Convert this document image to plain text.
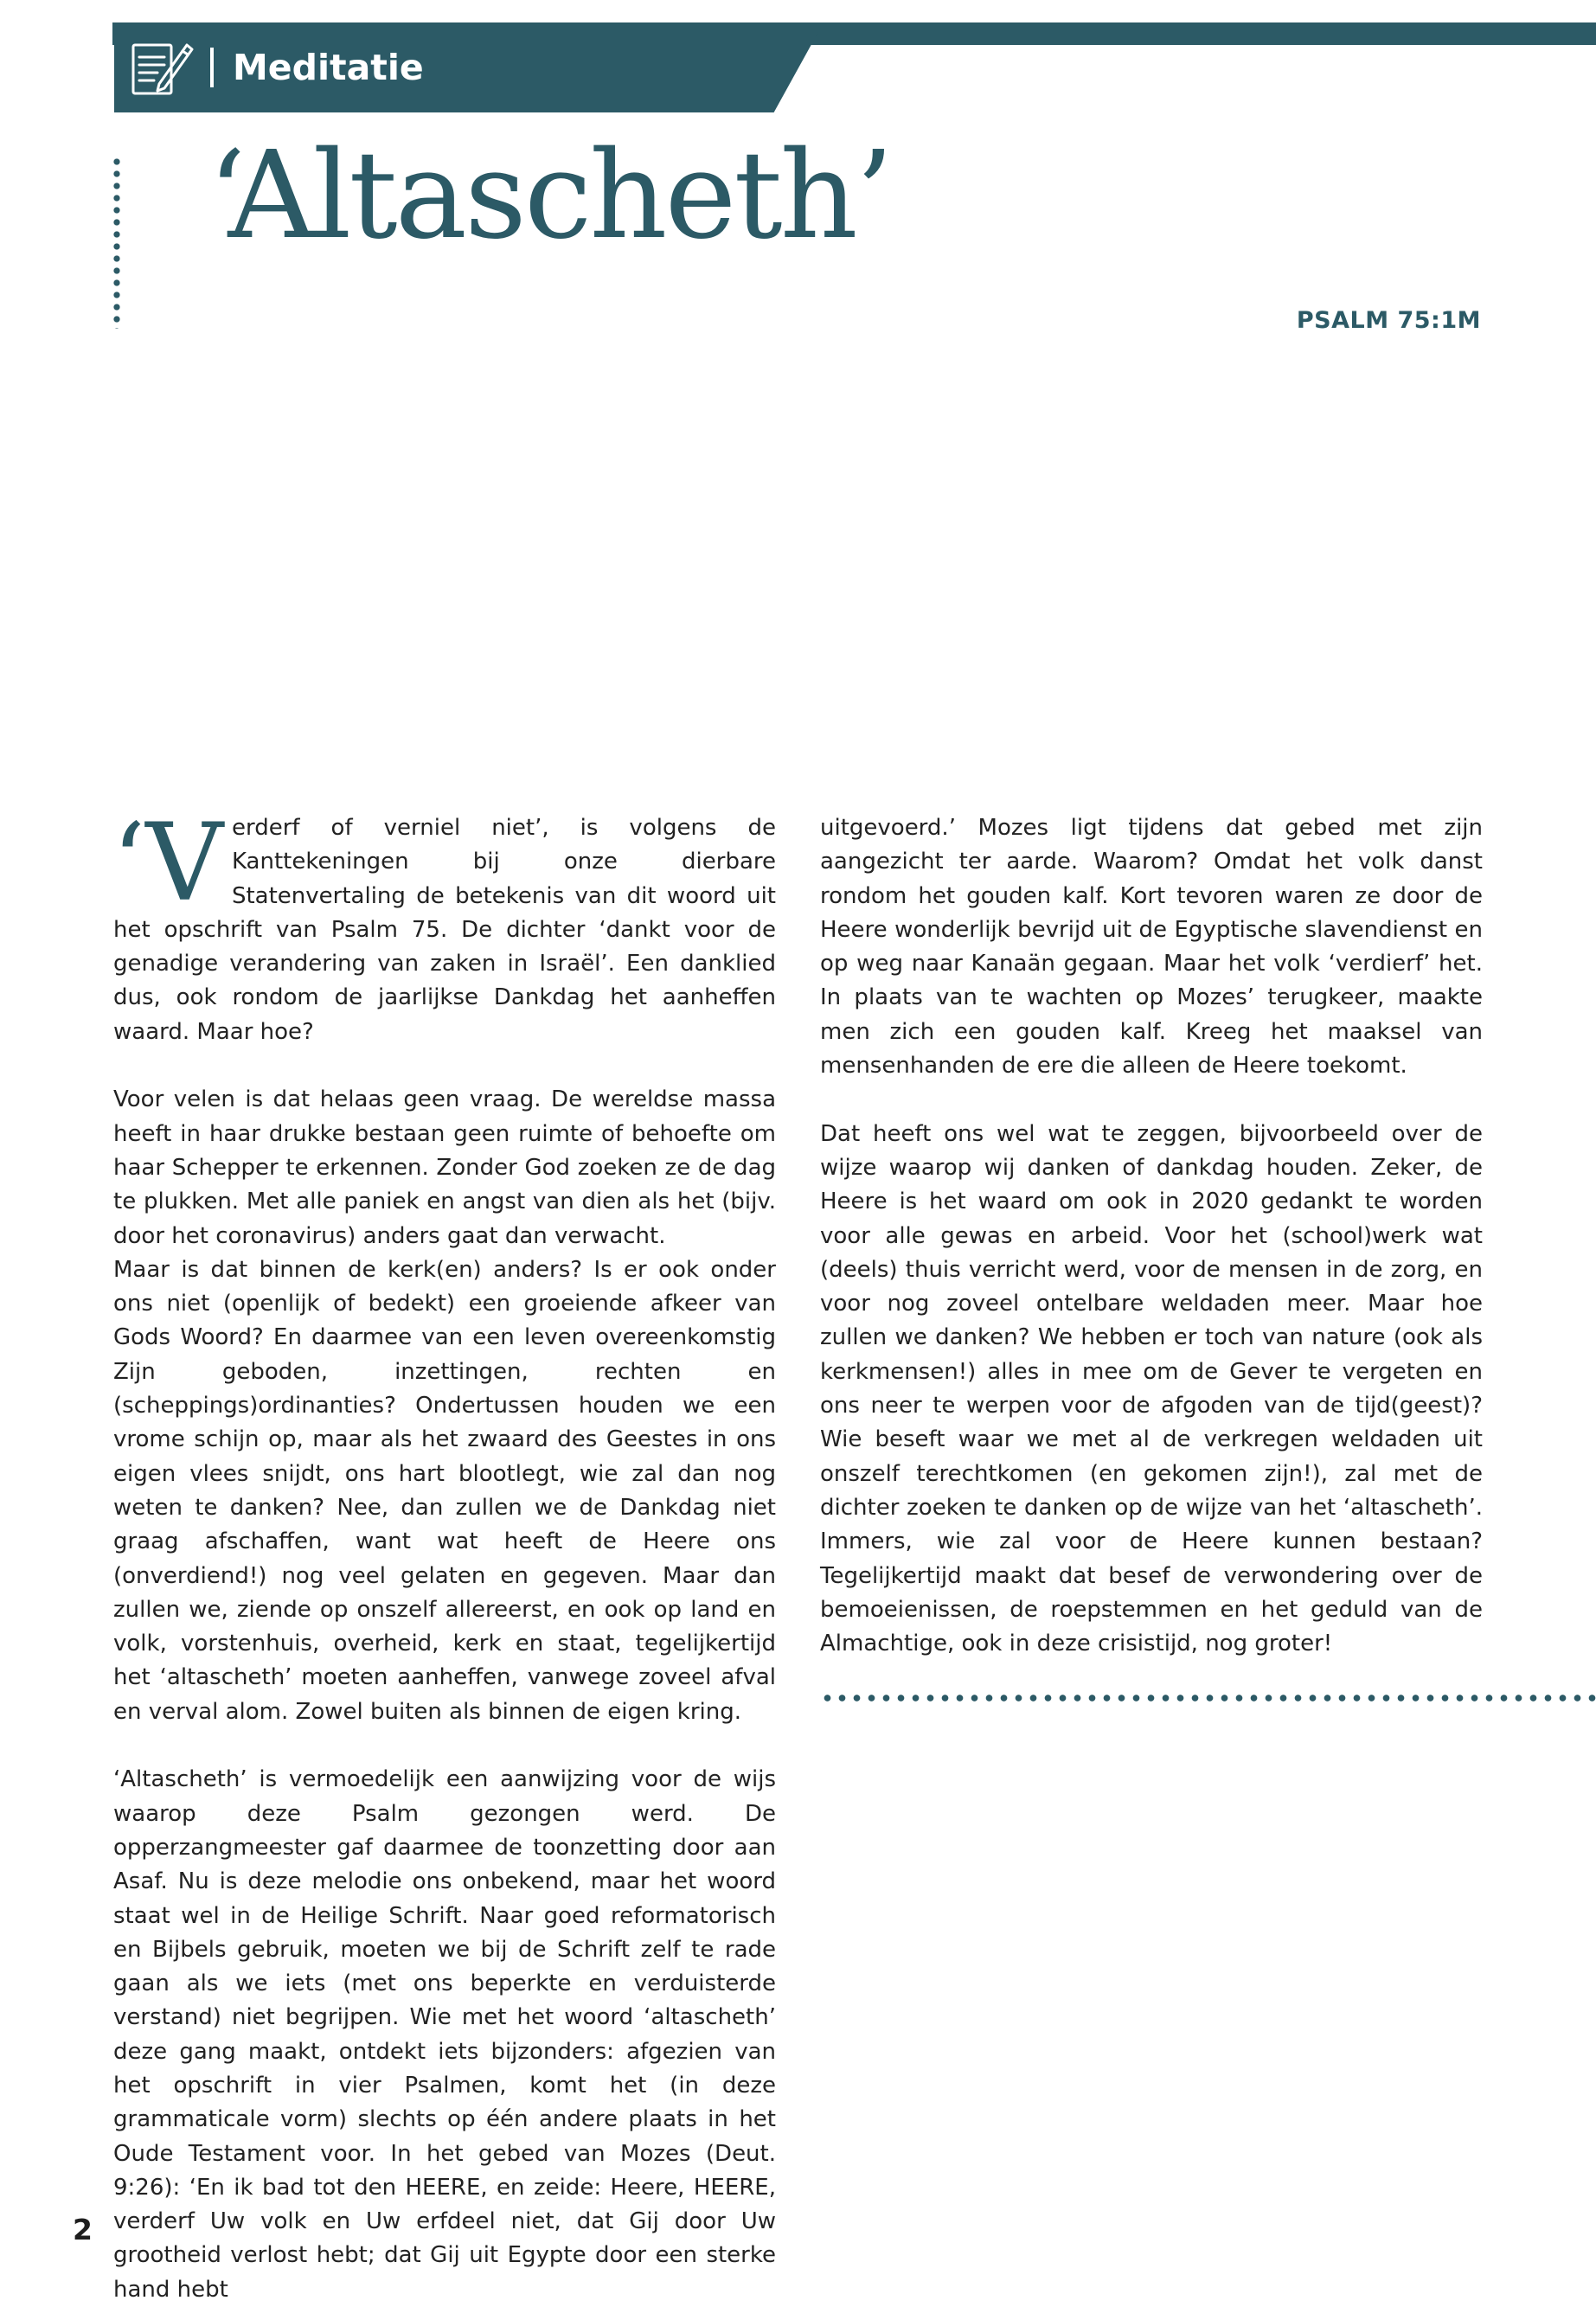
Meditatie
‘Altascheth’
PSALM 75:1M

‘Verderf of verniel niet’, is volgens de Kanttekeningen bij onze dierbare Statenvertaling de betekenis van dit woord uit het opschrift van Psalm 75. De dichter ‘dankt voor de genadige verandering van zaken in Israël’. Een danklied dus, ook rondom de jaarlijkse Dankdag het aanheffen waard. Maar hoe?

Voor velen is dat helaas geen vraag. De wereldse massa heeft in haar drukke bestaan geen ruimte of behoefte om haar Schepper te erkennen. Zonder God zoeken ze de dag te plukken. Met alle paniek en angst van dien als het (bijv. door het coronavirus) anders gaat dan verwacht.

Maar is dat binnen de kerk(en) anders? Is er ook onder ons niet (openlijk of bedekt) een groeiende afkeer van Gods Woord? En daarmee van een leven overeenkomstig Zijn geboden, inzettingen, rechten en (scheppings)ordinanties? Ondertussen houden we een vrome schijn op, maar als het zwaard des Geestes in ons eigen vlees snijdt, ons hart blootlegt, wie zal dan nog weten te danken? Nee, dan zullen we de Dankdag niet graag afschaffen, want wat heeft de Heere ons (onverdiend!) nog veel gelaten en gegeven. Maar dan zullen we, ziende op onszelf allereerst, en ook op land en volk, vorstenhuis, overheid, kerk en staat, tegelijkertijd het ‘altascheth’ moeten aanheffen, vanwege zoveel afval en verval alom. Zowel buiten als binnen de eigen kring.

‘Altascheth’ is vermoedelijk een aanwijzing voor de wijs waarop deze Psalm gezongen werd. De opperzangmeester gaf daarmee de toonzetting door aan Asaf. Nu is deze melodie ons onbekend, maar het woord staat wel in de Heilige Schrift. Naar goed reformatorisch en Bijbels gebruik, moeten we bij de Schrift zelf te rade gaan als we iets (met ons beperkte en verduisterde verstand) niet begrijpen. Wie met het woord ‘altascheth’ deze gang maakt, ontdekt iets bijzonders: afgezien van het opschrift in vier Psalmen, komt het (in deze grammaticale vorm) slechts op één andere plaats in het Oude Testament voor. In het gebed van Mozes (Deut. 9:26): ‘En ik bad tot den HEERE, en zeide: Heere, HEERE, verderf Uw volk en Uw erfdeel niet, dat Gij door Uw grootheid verlost hebt; dat Gij uit Egypte door een sterke hand hebt

uitgevoerd.’ Mozes ligt tijdens dat gebed met zijn aangezicht ter aarde. Waarom? Omdat het volk danst rondom het gouden kalf. Kort tevoren waren ze door de Heere wonderlijk bevrijd uit de Egyptische slavendienst en op weg naar Kanaän gegaan. Maar het volk ‘verdierf’ het. In plaats van te wachten op Mozes’ terugkeer, maakte men zich een gouden kalf. Kreeg het maaksel van mensenhanden de ere die alleen de Heere toekomt.

Dat heeft ons wel wat te zeggen, bijvoorbeeld over de wijze waarop wij danken of dankdag houden. Zeker, de Heere is het waard om ook in 2020 gedankt te worden voor alle gewas en arbeid. Voor het (school)werk wat (deels) thuis verricht werd, voor de mensen in de zorg, en voor nog zoveel ontelbare weldaden meer. Maar hoe zullen we danken? We hebben er toch van nature (ook als kerkmensen!) alles in mee om de Gever te vergeten en ons neer te werpen voor de afgoden van de tijd(geest)? Wie beseft waar we met al de verkregen weldaden uit onszelf terechtkomen (en gekomen zijn!), zal met de dichter zoeken te danken op de wijze van het ‘altascheth’. Immers, wie zal voor de Heere kunnen bestaan? Tegelijkertijd maakt dat besef de verwondering over de bemoeienissen, de roepstemmen en het geduld van de Almachtige, ook in deze crisistijd, nog groter!

2
